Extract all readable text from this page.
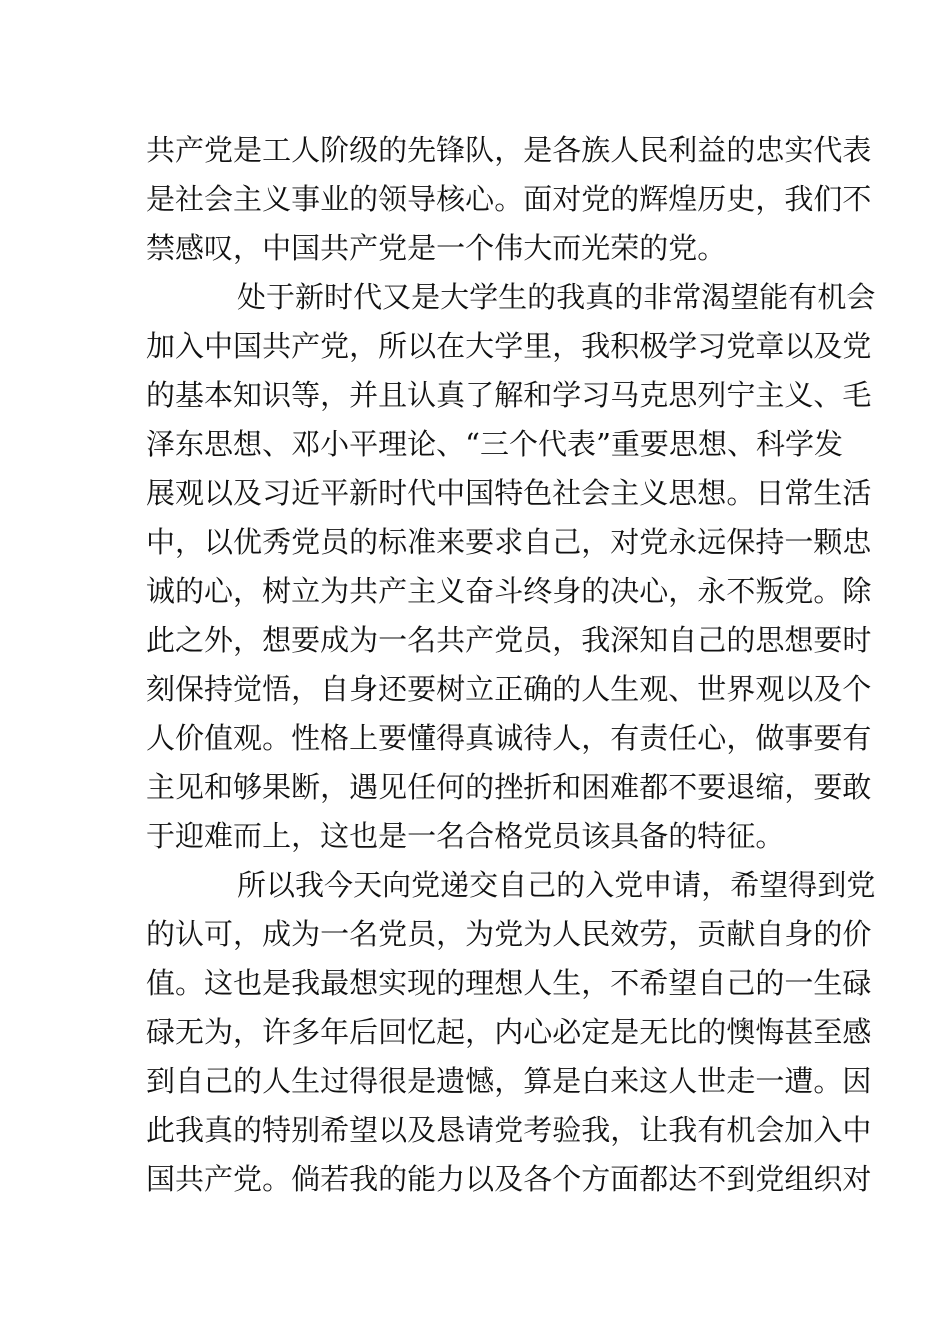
共 产 党 是 工 人 阶 级 的 先 锋 队 ， 是 各 族 人 民 利 益 的 忠 实 代 表
是 社 会 主 义 事 业 的 领 导 核 心 。 面 对 党 的 辉 煌 历 史 ， 我 们 不
禁 感 叹 ， 中 国 共 产 党 是 一 个 伟 大 而 光 荣 的 党 。
处 于 新 时 代 又 是 大 学 生 的 我 真 的 非 常 渴 望 能 有 机 会
加 入 中 国 共 产 党 ， 所 以 在 大 学 里 ， 我 积 极 学 习 党 章 以 及 党
的 基 本 知 识 等 ， 并 且 认 真 了 解 和 学 习 马 克 思 列 宁 主 义 、 毛
泽 东 思 想 、 邓 小 平 理 论 、 “ 三 个 代 表 ” 重 要 思 想 、 科 学 发
展 观 以 及 习 近 平 新 时 代 中 国 特 色 社 会 主 义 思 想 。 日 常 生 活
中 ， 以 优 秀 党 员 的 标 准 来 要 求 自 己 ， 对 党 永 远 保 持 一 颗 忠
诚 的 心 ， 树 立 为 共 产 主 义 奋 斗 终 身 的 决 心 ， 永 不 叛 党 。 除
此 之 外 ， 想 要 成 为 一 名 共 产 党 员 ， 我 深 知 自 己 的 思 想 要 时
刻 保 持 觉 悟 ， 自 身 还 要 树 立 正 确 的 人 生 观 、 世 界 观 以 及 个
人 价 值 观 。 性 格 上 要 懂 得 真 诚 待 人 ， 有 责 任 心 ， 做 事 要 有
主 见 和 够 果 断 ， 遇 见 任 何 的 挫 折 和 困 难 都 不 要 退 缩 ， 要 敢
于 迎 难 而 上 ， 这 也 是 一 名 合 格 党 员 该 具 备 的 特 征 。
所 以 我 今 天 向 党 递 交 自 己 的 入 党 申 请 ， 希 望 得 到 党
的 认 可 ， 成 为 一 名 党 员 ， 为 党 为 人 民 效 劳 ， 贡 献 自 身 的 价
值 。 这 也 是 我 最 想 实 现 的 理 想 人 生 ， 不 希 望 自 己 的 一 生 碌
碌 无 为 ， 许 多 年 后 回 忆 起 ， 内 心 必 定 是 无 比 的 懊 悔 甚 至 感
到 自 己 的 人 生 过 得 很 是 遗 憾 ， 算 是 白 来 这 人 世 走 一 遭 。 因
此 我 真 的 特 别 希 望 以 及 恳 请 党 考 验 我 ， 让 我 有 机 会 加 入 中
国 共 产 党 。 倘 若 我 的 能 力 以 及 各 个 方 面 都 达 不 到 党 组 织 对
